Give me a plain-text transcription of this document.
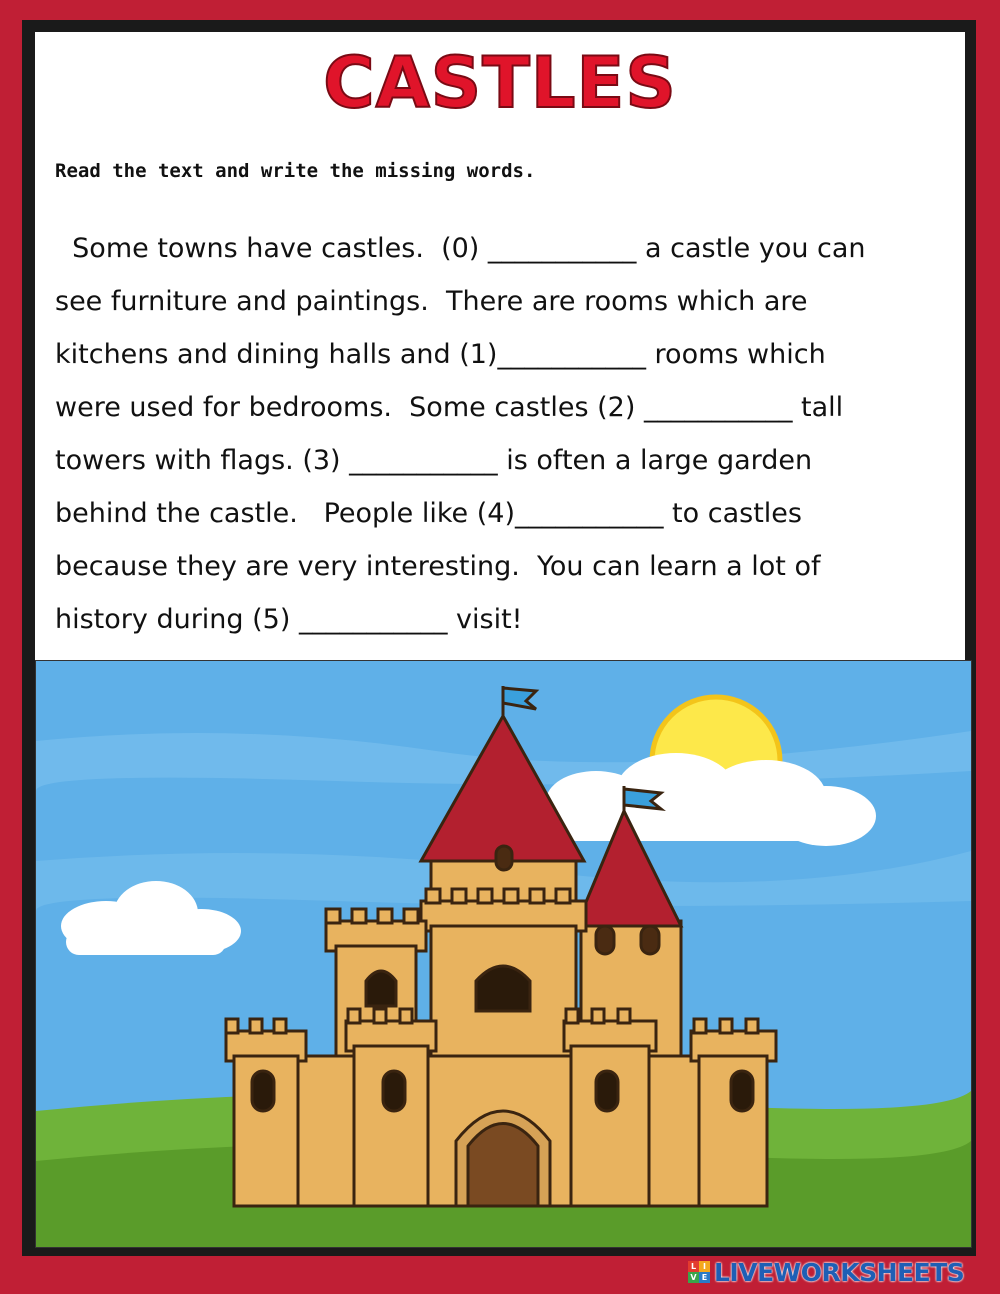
CASTLES
Read the text and write the missing words.
Some towns have castles.  (0) ___________ a castle you can
see furniture and paintings.  There are rooms which are
kitchens and dining halls and (1)___________ rooms which
were used for bedrooms.  Some castles (2) ___________ tall
towers with flags. (3) ___________ is often a large garden
behind the castle.   People like (4)___________ to castles
because they are very interesting.  You can learn a lot of
history during (5) ___________ visit!
L I
V E LIVEWORKSHEETS
